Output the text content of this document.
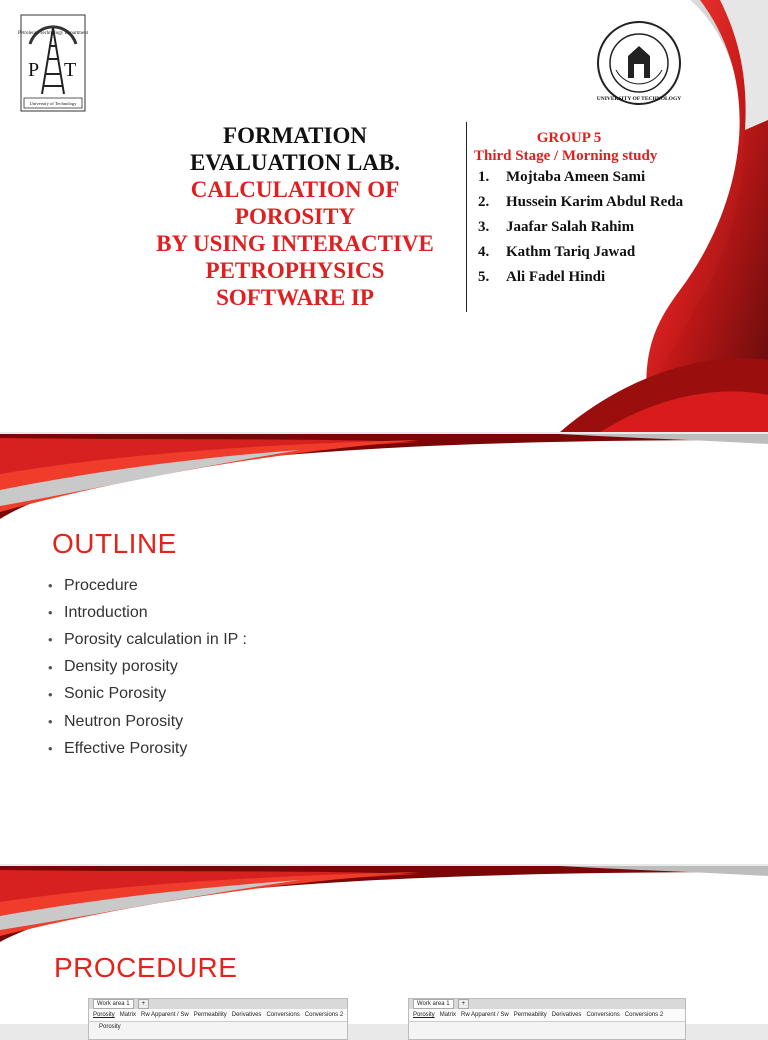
Petroleum Technology Department
P T
University of Technology
UNIVERSITY OF TECHNOLOGY
FORMATION
EVALUATION LAB.
CALCULATION OF
POROSITY
BY USING INTERACTIVE
PETROPHYSICS
SOFTWARE IP
GROUP 5
Third Stage / Morning study
1.	Mojtaba Ameen Sami
2.	Hussein Karim Abdul Reda
3.	Jaafar Salah Rahim
4.	Kathm Tariq Jawad
5.	Ali Fadel Hindi
OUTLINE
• Procedure
• Introduction
• Porosity calculation in IP :
• Density porosity
• Sonic Porosity
• Neutron Porosity
• Effective Porosity
PROCEDURE
Work area 1	+
Porosity Matrix Rw Apparent / Sw Permeability Derivatives Conversions Conversions 2
Porosity
Work area 1	+
Porosity Matrix Rw Apparent / Sw Permeability Derivatives Conversions Conversions 2
